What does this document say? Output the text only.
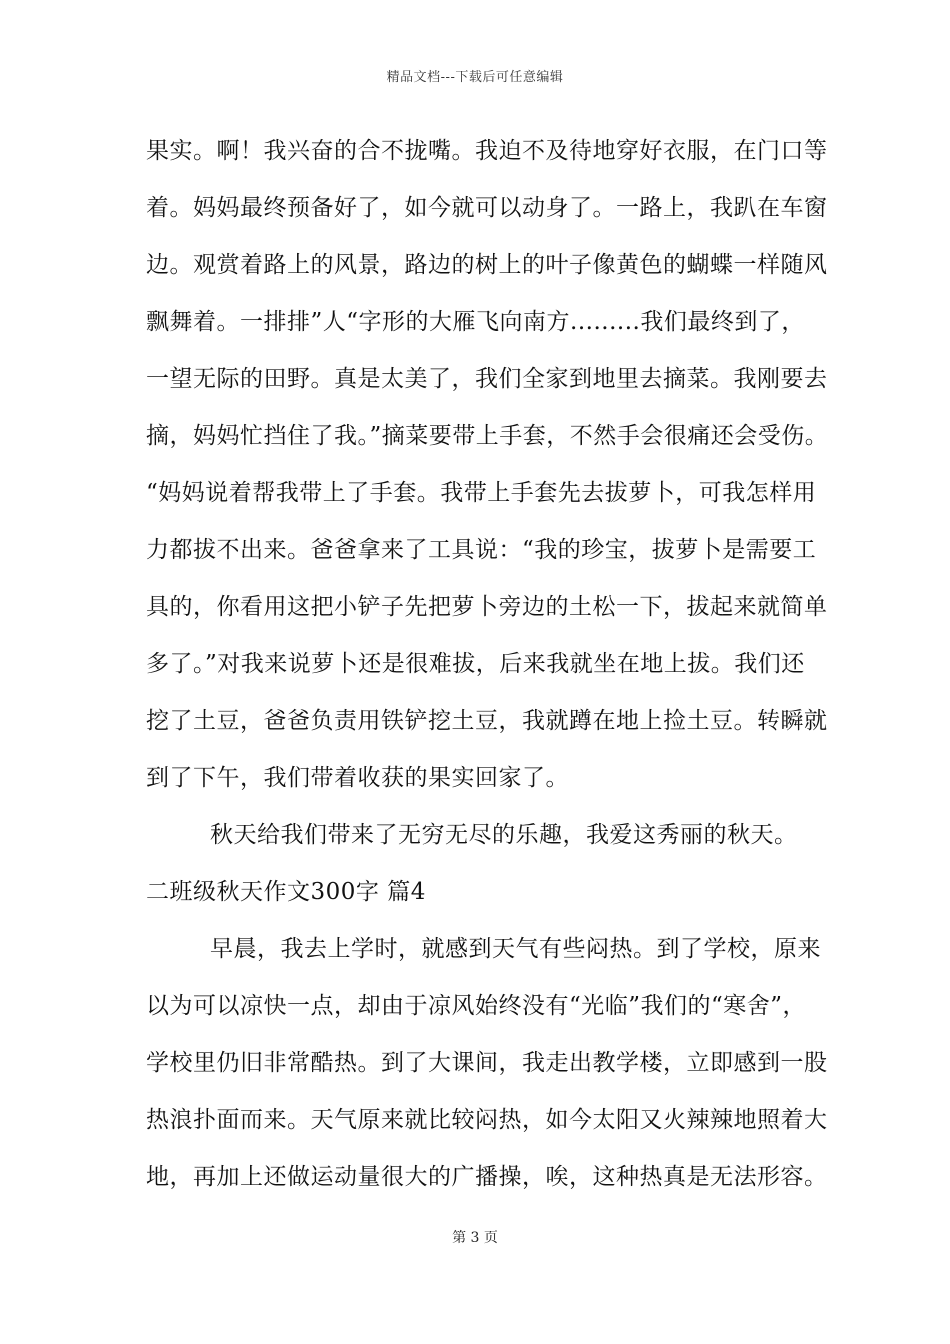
精品文档---下载后可任意编辑
果实。啊！我兴奋的合不拢嘴。我迫不及待地穿好衣服，在门口等
着。妈妈最终预备好了，如今就可以动身了。一路上，我趴在车窗
边。观赏着路上的风景，路边的树上的叶子像黄色的蝴蝶一样随风
飘舞着。一排排”人“字形的大雁飞向南方.........我们最终到了，
一望无际的田野。真是太美了，我们全家到地里去摘菜。我刚要去
摘，妈妈忙挡住了我。”摘菜要带上手套，不然手会很痛还会受伤。
“妈妈说着帮我带上了手套。我带上手套先去拔萝卜，可我怎样用
力都拔不出来。爸爸拿来了工具说：“我的珍宝，拔萝卜是需要工
具的，你看用这把小铲子先把萝卜旁边的土松一下，拔起来就简单
多了。”对我来说萝卜还是很难拔，后来我就坐在地上拔。我们还
挖了土豆，爸爸负责用铁铲挖土豆，我就蹲在地上捡土豆。转瞬就
到了下午，我们带着收获的果实回家了。
秋天给我们带来了无穷无尽的乐趣，我爱这秀丽的秋天。
二班级秋天作文300字 篇4
早晨，我去上学时，就感到天气有些闷热。到了学校，原来
以为可以凉快一点，却由于凉风始终没有“光临”我们的“寒舍”，
学校里仍旧非常酷热。到了大课间，我走出教学楼，立即感到一股
热浪扑面而来。天气原来就比较闷热，如今太阳又火辣辣地照着大
地，再加上还做运动量很大的广播操，唉，这种热真是无法形容。
第 3 页
